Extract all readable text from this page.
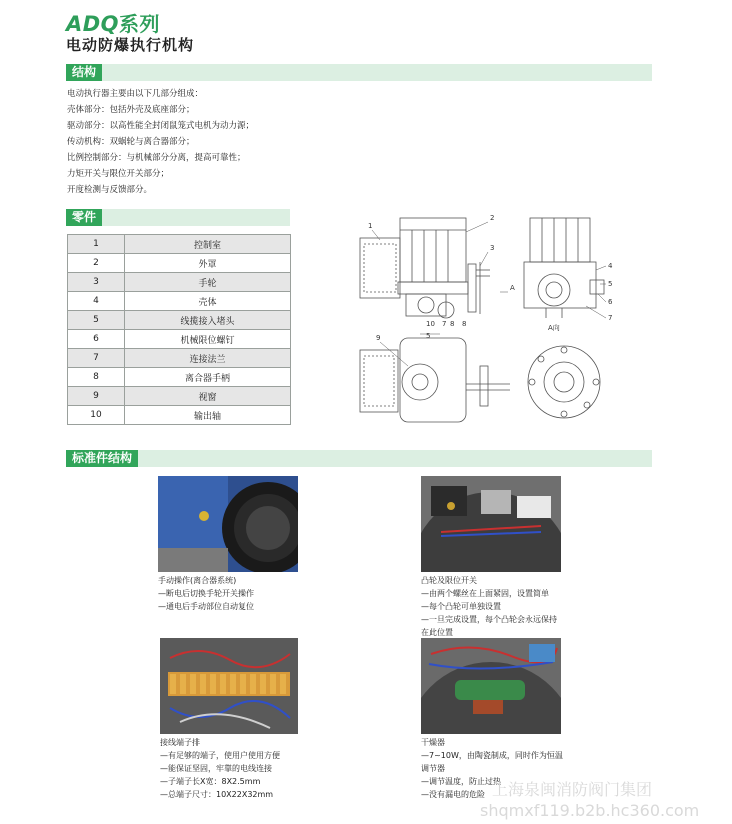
ADQ系列
电动防爆执行机构
结构
电动执行器主要由以下几部分组成：
壳体部分：包括外壳及底座部分；
驱动部分：以高性能全封闭鼠笼式电机为动力源；
传动机构：双蜗轮与离合器部分；
比例控制部分：与机械部分分离，提高可靠性；
力矩开关与限位开关部分；
开度检测与反馈部分。
零件
1	控制室
2	外罩
3	手轮
4	壳体
5	线揽接入堵头
6	机械限位螺钉
7	连接法兰
8	离合器手柄
9	视窗
10	输出轴
1
2
3
4
5
6
7
8
9
10 7 8
5
A
A向
标准件结构
手动操作(离合器系统)
—断电后切换手轮开关操作
—通电后手动部位自动复位
凸轮及限位开关
—由两个螺丝在上面紧固，设置简单
—每个凸轮可单独设置
—一旦完成设置，每个凸轮会永远保持
在此位置
接线端子排
—有足够的端子，使用户使用方便
—能保证坚固，牢靠的电线连接
—子端子长X宽：8X2.5mm
—总端子尺寸：10X22X32mm
干燥器
—7~10W，由陶瓷制成，同时作为恒温
调节器
—调节温度，防止过热
—没有漏电的危险 上海泉闽消防阀门集团
shqmxf119.b2b.hc360.com
